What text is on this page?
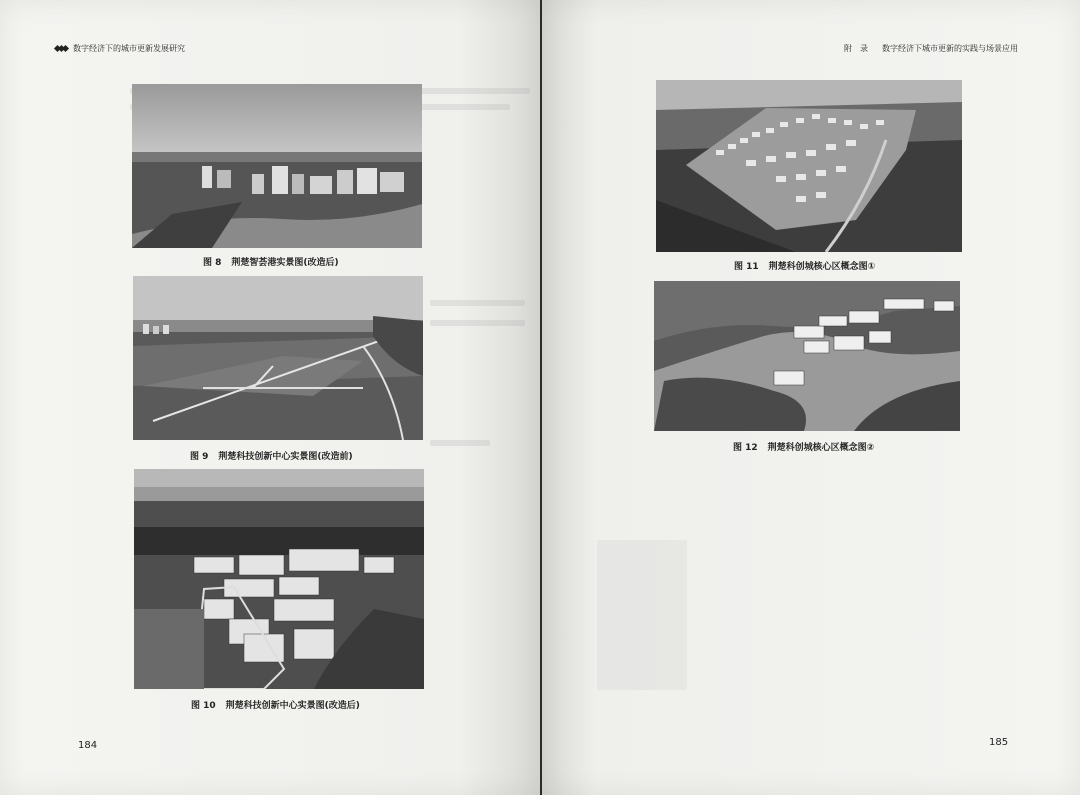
数字经济下的城市更新发展研究
图 8 荆楚智荟港实景图(改造后)
图 9 荆楚科技创新中心实景图(改造前)
图 10 荆楚科技创新中心实景图(改造后)
184
附　录 数字经济下城市更新的实践与场景应用
图 11 荆楚科创城核心区概念图①
图 12 荆楚科创城核心区概念图②
185
